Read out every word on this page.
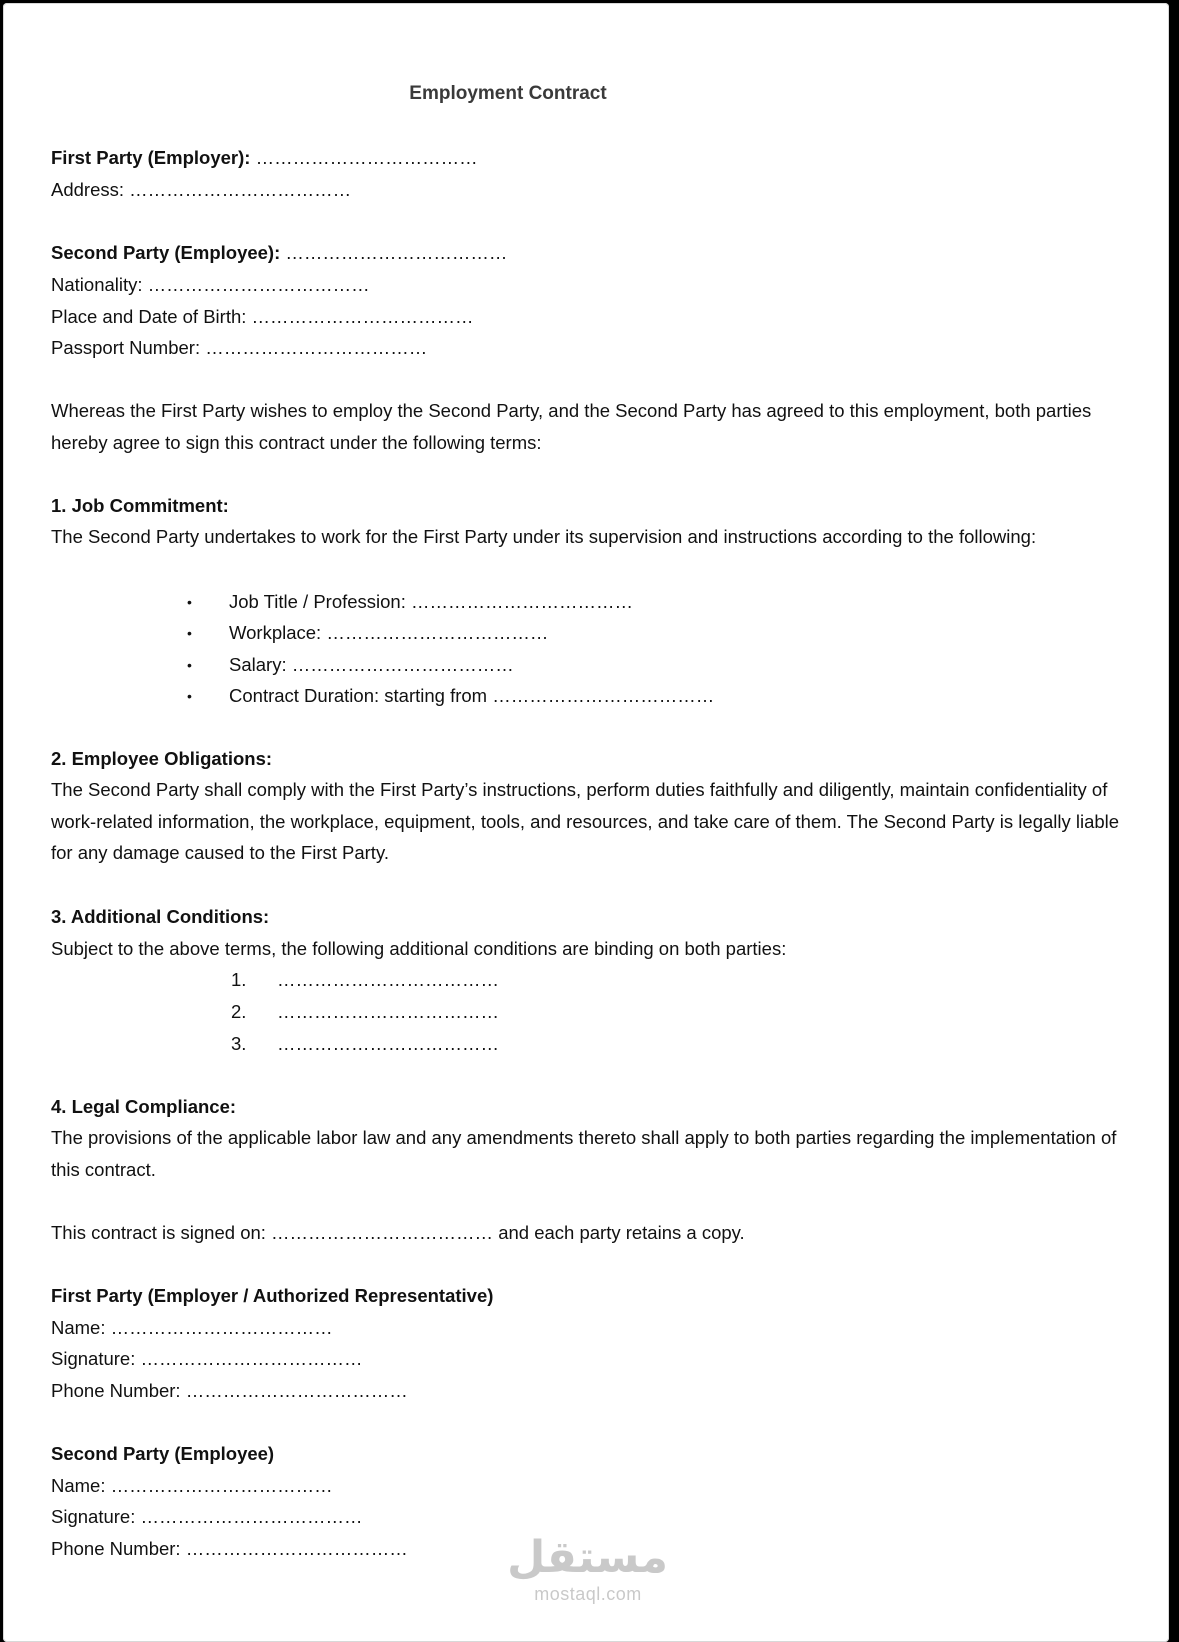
Employment Contract
First Party (Employer): ………………………………
Address: ………………………………
Second Party (Employee): ………………………………
Nationality: ………………………………
Place and Date of Birth: ………………………………
Passport Number: ………………………………
Whereas the First Party wishes to employ the Second Party, and the Second Party has agreed to this employment, both parties hereby agree to sign this contract under the following terms:
1. Job Commitment:
The Second Party undertakes to work for the First Party under its supervision and instructions according to the following:
• Job Title / Profession: ………………………………
• Workplace: ………………………………
• Salary: ………………………………
• Contract Duration: starting from ………………………………
2. Employee Obligations:
The Second Party shall comply with the First Party’s instructions, perform duties faithfully and diligently, maintain confidentiality of work-related information, the workplace, equipment, tools, and resources, and take care of them. The Second Party is legally liable for any damage caused to the First Party.
3. Additional Conditions:
Subject to the above terms, the following additional conditions are binding on both parties:
1. ………………………………
2. ………………………………
3. ………………………………
4. Legal Compliance:
The provisions of the applicable labor law and any amendments thereto shall apply to both parties regarding the implementation of this contract.
This contract is signed on: ……………………………… and each party retains a copy.
First Party (Employer / Authorized Representative)
Name: ………………………………
Signature: ………………………………
Phone Number: ………………………………
Second Party (Employee)
Name: ………………………………
Signature: ………………………………
Phone Number: ……………………………… مستقل
mostaql.com
